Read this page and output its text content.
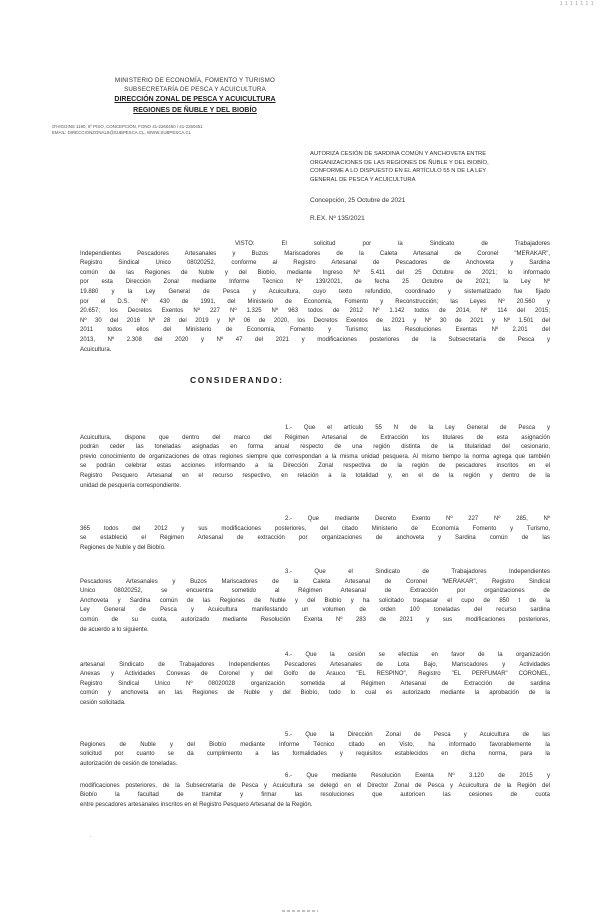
1 1 1 1 1 1 1
MINISTERIO DE ECONOMÍA, FOMENTO Y TURISMO
SUBSECRETARÍA DE PESCA Y ACUICULTURA
DIRECCIÓN ZONAL DE PESCA Y ACUICULTURA
REGIONES DE ÑUBLE Y DEL BIOBÍO
O'HIGGINS 1190, 6º PISO, CONCEPCIÓN, FONO 41-2260450 / 41-2260451
EMAIL: DIRECCIONZONAL8@SUBPESCA.CL, WWW.SUBPESCA.CL
AUTORIZA CESIÓN DE SARDINA COMÚN Y ANCHOVETA ENTRE
ORGANIZACIONES DE LAS REGIONES DE ÑUBLE Y DEL BIOBÍO,
CONFORME A LO DISPUESTO EN EL ARTÍCULO 55 N DE LA LEY
GENERAL DE PESCA Y ACUICULTURA
Concepción, 25 Octubre de 2021
R.EX. Nº 135/2021
VISTO: El solicitud por la Sindicato de Trabajadores
Independientes Pescadores Artesanales y Buzos Mariscadores de la Caleta Artesanal de Coronel "MERAKAR",
Registro Sindical Único 08020252, conforme al Registro Artesanal de Pescadores de Anchoveta y Sardina
común de las Regiones de Ñuble y del Biobío, mediante Ingreso Nº 5.411 del 25 Octubre de 2021; lo informado
por esta Dirección Zonal mediante Informe Técnico Nº 139/2021, de fecha 25 Octubre de 2021; la Ley Nº
19.880 y la Ley General de Pesca y Acuicultura, cuyo texto refundido, coordinado y sistematizado fue fijado
por el D.S. Nº 430 de 1991, del Ministerio de Economía, Fomento y Reconstrucción; las Leyes Nº 20.560 y
20.657; los Decretos Exentos Nº 227 Nº 1.325 Nº 963 todos de 2012 Nº 1.142 todos de 2014, Nº 114 del 2015;
Nº 30 del 2016 Nº 28 del 2019 y Nº 06 de 2020, los Decretos Exentos de 2021 y Nº 30 de 2021 y Nº 1.501 del
2011 todos ellos del Ministerio de Economía, Fomento y Turismo; las Resoluciones Exentas Nº 2.201 del
2013, Nº 2.308 del 2020 y Nº 47 del 2021 y modificaciones posteriores de la Subsecretaría de Pesca y
Acuicultura.
CONSIDERANDO:
1.- Que el artículo 55 N de la Ley General de Pesca y
Acuicultura, dispone que dentro del marco del Régimen Artesanal de Extracción los titulares de esta asignación
podrán ceder las toneladas asignadas en forma anual respecto de una región distinta de la titularidad del cesionario,
previo conocimiento de organizaciones de otras regiones siempre que correspondan a la misma unidad pesquera. Al mismo tiempo la norma agrega que también
se podrán celebrar estas acciones informando a la Dirección Zonal respectiva de la región de pescadores inscritos en el
Registro Pesquero Artesanal en el recurso respectivo, en relación a la totalidad y, en el de la región y dentro de la
unidad de pesquería correspondiente.
2.- Que mediante Decreto Exento Nº 227 Nº 285, Nº
365 todos del 2012 y sus modificaciones posteriores, del citado Ministerio de Economía Fomento y Turismo,
se estableció el Régimen Artesanal de extracción por organizaciones de anchoveta y Sardina común de las
Regiones de Ñuble y del Biobío.
3.- Que el Sindicato de Trabajadores Independientes
Pescadores Artesanales y Buzos Mariscadores de la Caleta Artesanal de Coronel "MERAKAR", Registro Sindical
Único 08020252, se encuentra sometido al Régimen Artesanal de Extracción por organizaciones de
Anchoveta y Sardina común de las Regiones de Ñuble y del Biobío y ha solicitado traspasar el cupo de 850 t de la
Ley General de Pesca y Acuicultura manifestando un volumen de orden 100 toneladas del recurso sardina
común de su cuota, autorizado mediante Resolución Exenta Nº 283 de 2021 y sus modificaciones posteriores,
de acuerdo a lo siguiente.
4.- Que la cesión se efectúa en favor de la organización
artesanal Sindicato de Trabajadores Independientes Pescadores Artesanales de Lota Bajo, Mariscadores y Actividades
Anexas y Actividades Conexas de Coronel y del Golfo de Arauco "EL RESPINO", Registro "EL PERFUMAR" CORONEL,
Registro Sindical Único Nº 08020028 organización sometida al Régimen Artesanal de Extracción de sardina
común y anchoveta en las Regiones de Ñuble y del Biobío, todo lo cual es autorizado mediante la aprobación de la
cesión solicitada.
5.- Que la Dirección Zonal de Pesca y Acuicultura de las
Regiones de Ñuble y del Biobío mediante Informe Técnico citado en Visto, ha informado favorablemente la
solicitud por cuanto se da cumplimiento a las formalidades y requisitos establecidos en dicha norma, para la
autorización de cesión de toneladas.
6.- Que mediante Resolución Exenta Nº 3.120 de 2015 y
modificaciones posteriores, de la Subsecretaría de Pesca y Acuicultura se delegó en el Director Zonal de Pesca y Acuicultura de la Región del
Biobío la facultad de tramitar y firmar las resoluciones que autoricen las cesiones de cuota
entre pescadores artesanales inscritos en el Registro Pesquero Artesanal de la Región.
.
